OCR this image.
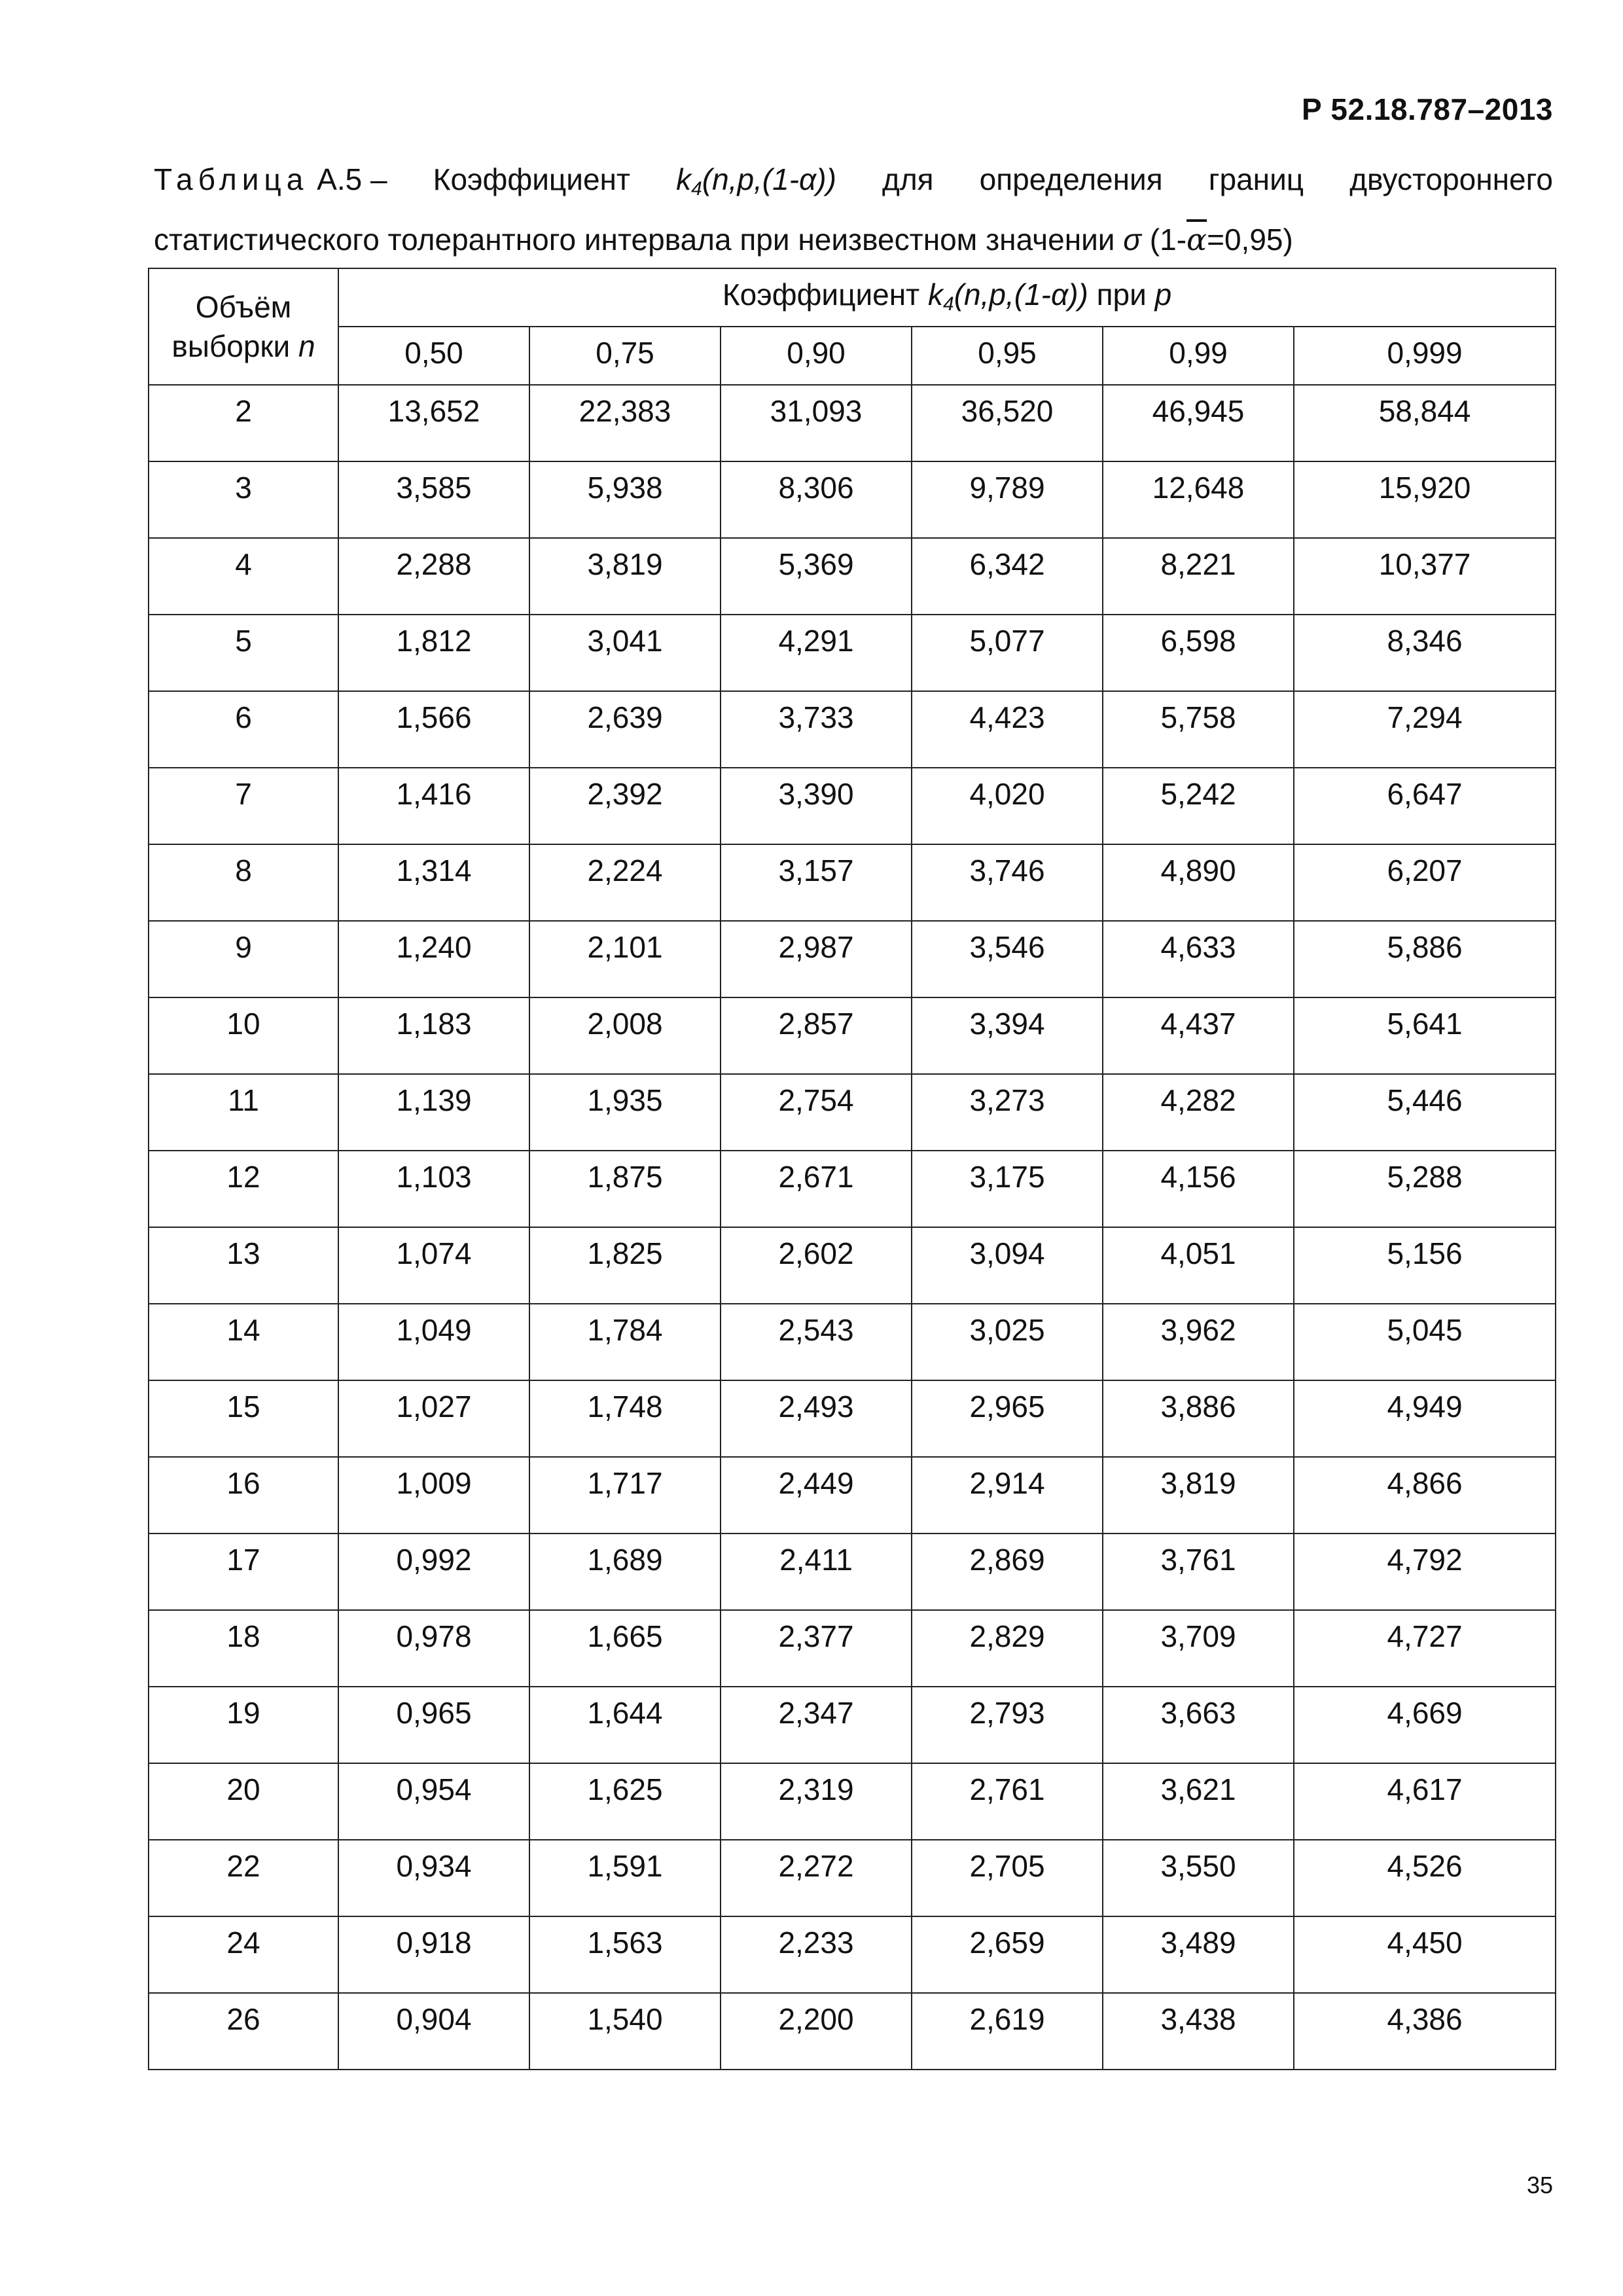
Р 52.18.787–2013
Таблица А.5 – Коэффициент $k_4(n,p,(1-\alpha))$ для определения границ двустороннего
статистического толерантного интервала при неизвестном значении σ $(1-\overline{\alpha}=0,95)$
Объём
выборки n	Коэффициент $k_4(n,p,(1-\alpha))$ при p					
	0,50	0,75	0,90	0,95	0,99	0,999
2	13,652	22,383	31,093	36,520	46,945	58,844
3	3,585	5,938	8,306	9,789	12,648	15,920
4	2,288	3,819	5,369	6,342	8,221	10,377
5	1,812	3,041	4,291	5,077	6,598	8,346
6	1,566	2,639	3,733	4,423	5,758	7,294
7	1,416	2,392	3,390	4,020	5,242	6,647
8	1,314	2,224	3,157	3,746	4,890	6,207
9	1,240	2,101	2,987	3,546	4,633	5,886
10	1,183	2,008	2,857	3,394	4,437	5,641
11	1,139	1,935	2,754	3,273	4,282	5,446
12	1,103	1,875	2,671	3,175	4,156	5,288
13	1,074	1,825	2,602	3,094	4,051	5,156
14	1,049	1,784	2,543	3,025	3,962	5,045
15	1,027	1,748	2,493	2,965	3,886	4,949
16	1,009	1,717	2,449	2,914	3,819	4,866
17	0,992	1,689	2,411	2,869	3,761	4,792
18	0,978	1,665	2,377	2,829	3,709	4,727
19	0,965	1,644	2,347	2,793	3,663	4,669
20	0,954	1,625	2,319	2,761	3,621	4,617
22	0,934	1,591	2,272	2,705	3,550	4,526
24	0,918	1,563	2,233	2,659	3,489	4,450
26	0,904	1,540	2,200	2,619	3,438	4,386
35
